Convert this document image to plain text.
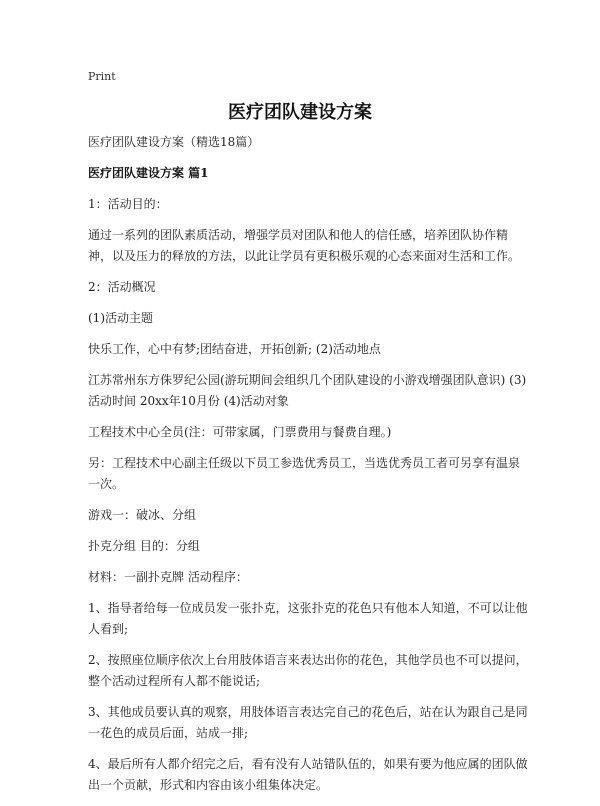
Print
医疗团队建设方案

医疗团队建设方案（精选18篇）

医疗团队建设方案 篇1

1：活动目的：

通过一系列的团队素质活动，增强学员对团队和他人的信任感，培养团队协作精神，以及压力的释放的方法，以此让学员有更积极乐观的心态来面对生活和工作。

2：活动概况

(1)活动主题

快乐工作，心中有梦;团结奋进，开拓创新; (2)活动地点

江苏常州东方侏罗纪公园(游玩期间会组织几个团队建设的小游戏增强团队意识) (3)活动时间 20xx年10月份 (4)活动对象

工程技术中心全员(注：可带家属，门票费用与餐费自理。)

另：工程技术中心副主任级以下员工参选优秀员工，当选优秀员工者可另享有温泉一次。

游戏一：破冰、分组

扑克分组 目的：分组

材料：一副扑克牌 活动程序：

1、指导者给每一位成员发一张扑克，这张扑克的花色只有他本人知道，不可以让他人看到;

2、按照座位顺序依次上台用肢体语言来表达出你的花色，其他学员也不可以提问，整个活动过程所有人都不能说话;

3、其他成员要认真的观察，用肢体语言表达完自己的花色后，站在认为跟自己是同一花色的成员后面，站成一排;

4、最后所有人都介绍完之后，看有没有人站错队伍的，如果有要为他应属的团队做出一个贡献，形式和内容由该小组集体决定。
